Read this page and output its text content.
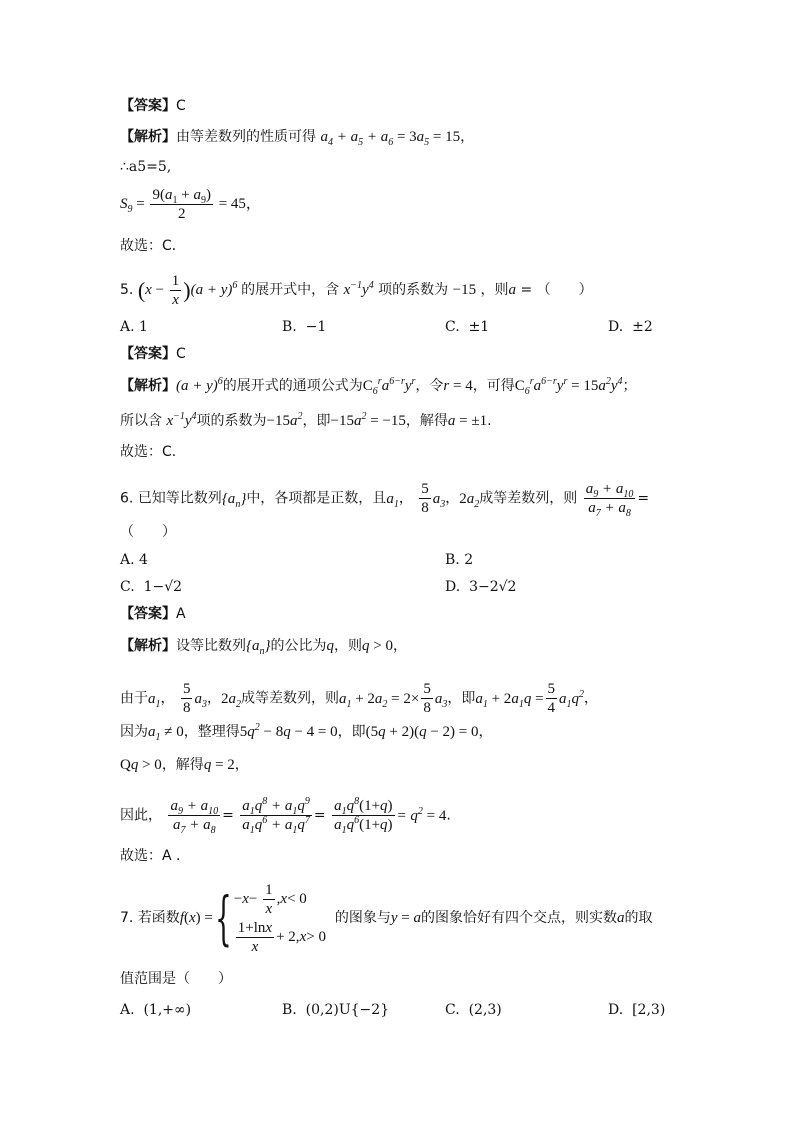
【答案】C
【解析】由等差数列的性质可得 $a_4 + a_5 + a_6 = 3a_5 = 15$，
∴a5=5,
$S_9 = \frac{9(a_1 + a_9)}{2} = 45$，
故选：C．
5. $(x - \frac{1}{x} )(a + y)^6$ 的展开式中，含 $x^{-1}y^4$ 项的系数为 −15 ，则a = （　　）
A. 1	B. −1	C. ±1	D. ±2
【答案】C
【解析】$(a + y)^6$的展开式的通项公式为$C_6^ra^{6-r}y^r$，令r = 4，可得$C_6^ra^{6-r}y^r = 15a^2y^4$；
所以含 $x^{-1}y^4$项的系数为$-15a^2$，即$-15a^2 = -15$，解得a = ±1.
故选：C.
6. 已知等比数列$\{a_n\}$中，各项都是正数，且$a_1$， $\frac{5}{8} a_3$，$2a_2$成等差数列，则 $\frac{a_9 + a_{10}}{a_7 + a_8}$ =
（　　）
A. 4	B. 2
C. 1−√2	D. 3−2√2
【答案】A
【解析】设等比数列$\{a_n\}$的公比为q，则q > 0，
由于$a_1$， $\frac{5}{8} a_3$，$2a_2$成等差数列，则$a_1 + 2a_2 = 2\times \frac{5}{8} a_3$，即$a_1 + 2a_1q = \frac{5}{4} a_1q^2$，
因为$a_1 \ne 0$，整理得$5q^2 - 8q - 4 = 0$，即(5q + 2)(q − 2) = 0，
Qq > 0，解得q = 2，
因此， $\frac{a_9 + a_{10}}{a_7 + a_8} = \frac{a_1q^8 + a_1q^9}{a_1q^6 + a_1q^7} = \frac{a_1q^8(1+q)}{a_1q^6(1+q)} = q^2 = 4$.
故选：A .
7.
若函数 f(x) = { − x −
$\frac{1}{x}$ , x < 0
$\frac{1+\ln x}{x} + 2$, x > 0

的图象与 y = a 的图象恰好有四个交点，则实数 a 的取
值范围是（　　）
A. (1,+∞)	B. (0,2)U{−2}	C. (2,3)	D. [2,3)
